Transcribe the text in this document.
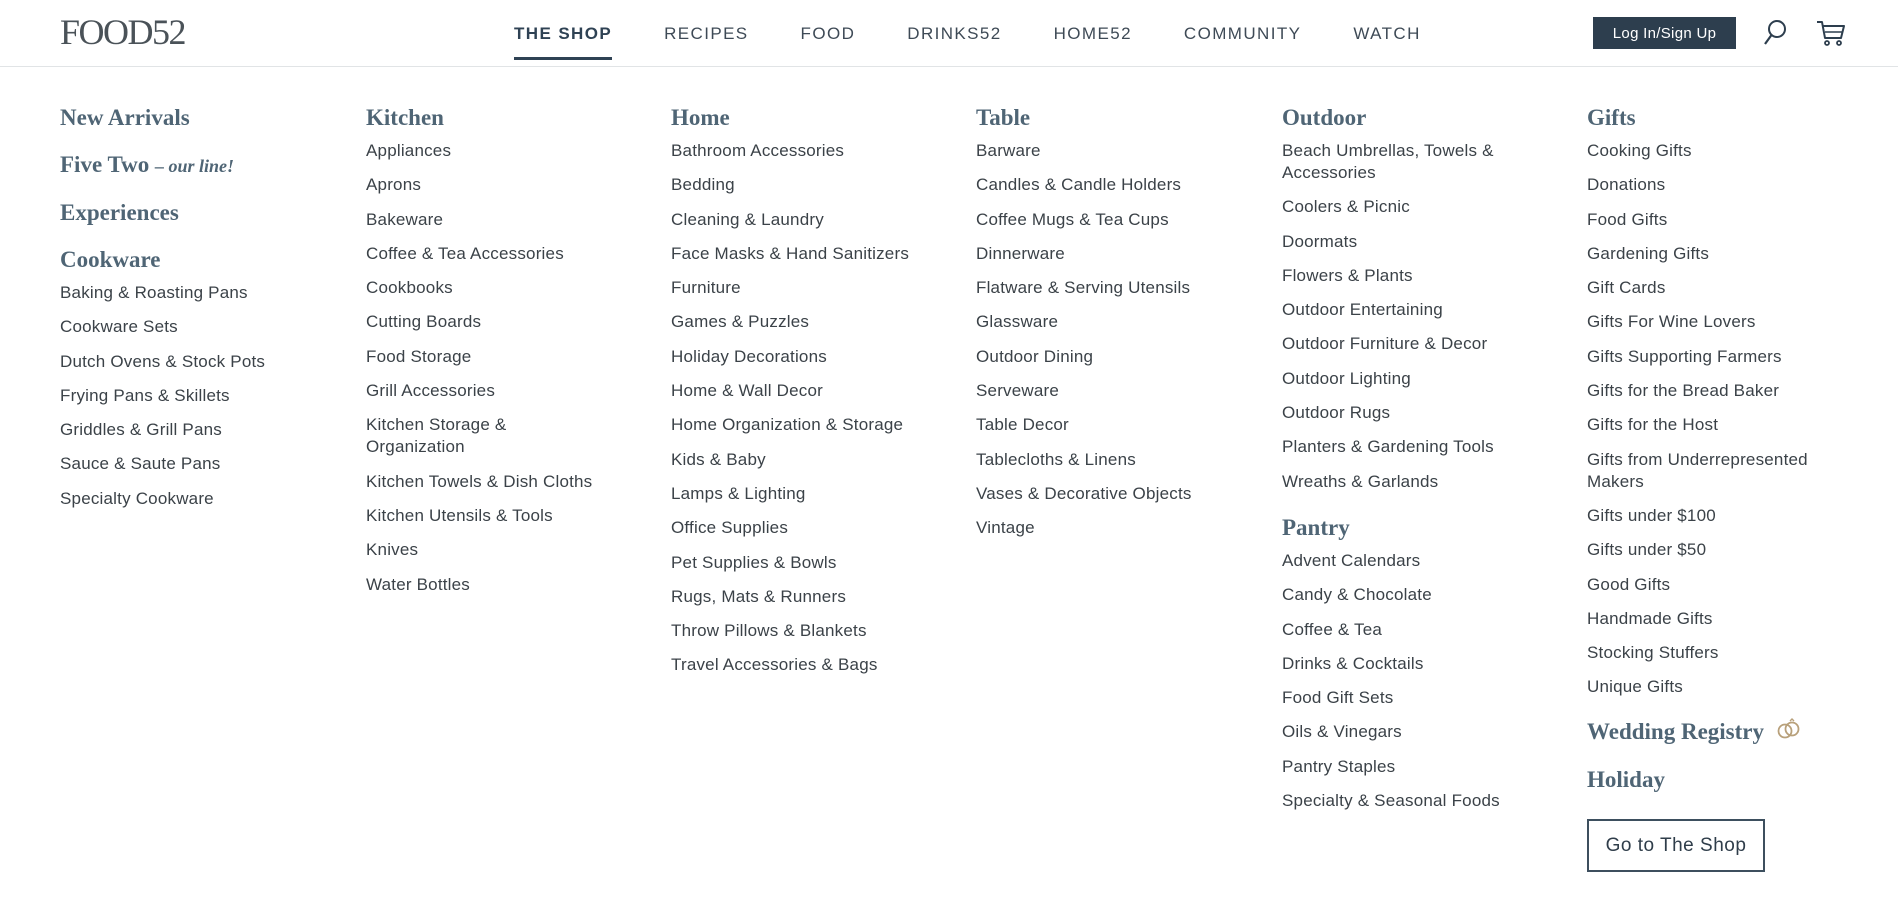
FOOD52	THE SHOP	RECIPES	FOOD	DRINKS52	HOME52	COMMUNITY	WATCH	Log In/Sign Up
New Arrivals
Five Two – our line!
Experiences
Cookware
Baking & Roasting Pans
Cookware Sets
Dutch Ovens & Stock Pots
Frying Pans & Skillets
Griddles & Grill Pans
Sauce & Saute Pans
Specialty Cookware
Kitchen
Appliances
Aprons
Bakeware
Coffee & Tea Accessories
Cookbooks
Cutting Boards
Food Storage
Grill Accessories
Kitchen Storage & Organization
Kitchen Towels & Dish Cloths
Kitchen Utensils & Tools
Knives
Water Bottles
Home
Bathroom Accessories
Bedding
Cleaning & Laundry
Face Masks & Hand Sanitizers
Furniture
Games & Puzzles
Holiday Decorations
Home & Wall Decor
Home Organization & Storage
Kids & Baby
Lamps & Lighting
Office Supplies
Pet Supplies & Bowls
Rugs, Mats & Runners
Throw Pillows & Blankets
Travel Accessories & Bags
Table
Barware
Candles & Candle Holders
Coffee Mugs & Tea Cups
Dinnerware
Flatware & Serving Utensils
Glassware
Outdoor Dining
Serveware
Table Decor
Tablecloths & Linens
Vases & Decorative Objects
Vintage
Outdoor
Beach Umbrellas, Towels & Accessories
Coolers & Picnic
Doormats
Flowers & Plants
Outdoor Entertaining
Outdoor Furniture & Decor
Outdoor Lighting
Outdoor Rugs
Planters & Gardening Tools
Wreaths & Garlands
Pantry
Advent Calendars
Candy & Chocolate
Coffee & Tea
Drinks & Cocktails
Food Gift Sets
Oils & Vinegars
Pantry Staples
Specialty & Seasonal Foods
Gifts
Cooking Gifts
Donations
Food Gifts
Gardening Gifts
Gift Cards
Gifts For Wine Lovers
Gifts Supporting Farmers
Gifts for the Bread Baker
Gifts for the Host
Gifts from Underrepresented Makers
Gifts under $100
Gifts under $50
Good Gifts
Handmade Gifts
Stocking Stuffers
Unique Gifts
Wedding Registry
Holiday
Go to The Shop
